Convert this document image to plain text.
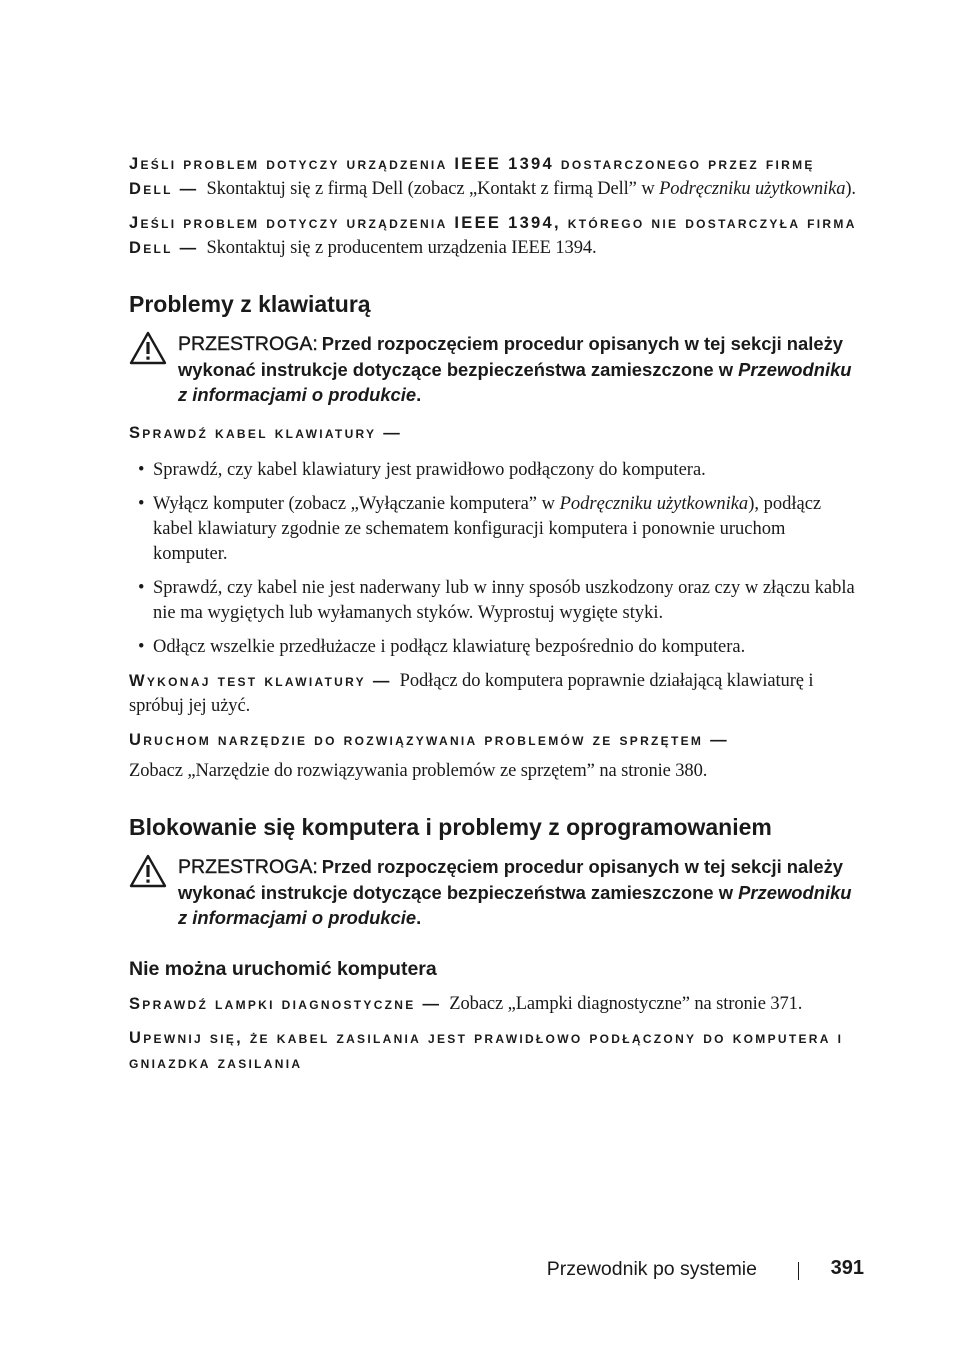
Jeśli problem dotyczy urządzenia IEEE 1394 dostarczonego przez firmę Dell — Skontaktuj się z firmą Dell (zobacz „Kontakt z firmą Dell” w Podręczniku użytkownika).

Jeśli problem dotyczy urządzenia IEEE 1394, którego nie dostarczyła firma Dell — Skontaktuj się z producentem urządzenia IEEE 1394.

Problemy z klawiaturą
PRZESTROGA: Przed rozpoczęciem procedur opisanych w tej sekcji należy wykonać instrukcje dotyczące bezpieczeństwa zamieszczone w Przewodniku z informacjami o produkcie.

Sprawdź kabel klawiatury —

• Sprawdź, czy kabel klawiatury jest prawidłowo podłączony do komputera.
• Wyłącz komputer (zobacz „Wyłączanie komputera” w Podręczniku użytkownika), podłącz kabel klawiatury zgodnie ze schematem konfiguracji komputera i ponownie uruchom komputer.
• Sprawdź, czy kabel nie jest naderwany lub w inny sposób uszkodzony oraz czy w złączu kabla nie ma wygiętych lub wyłamanych styków. Wyprostuj wygięte styki.
• Odłącz wszelkie przedłużacze i podłącz klawiaturę bezpośrednio do komputera.

Wykonaj test klawiatury — Podłącz do komputera poprawnie działającą klawiaturę i spróbuj jej użyć.

Uruchom narzędzie do rozwiązywania problemów ze sprzętem —

Zobacz „Narzędzie do rozwiązywania problemów ze sprzętem” na stronie 380.

Blokowanie się komputera i problemy z oprogramowaniem
PRZESTROGA: Przed rozpoczęciem procedur opisanych w tej sekcji należy wykonać instrukcje dotyczące bezpieczeństwa zamieszczone w Przewodniku z informacjami o produkcie.
Nie można uruchomić komputera

Sprawdź lampki diagnostyczne — Zobacz „Lampki diagnostyczne” na stronie 371.

Upewnij się, że kabel zasilania jest prawidłowo podłączony do komputera i gniazdka zasilania

Przewodnik po systemie	391
